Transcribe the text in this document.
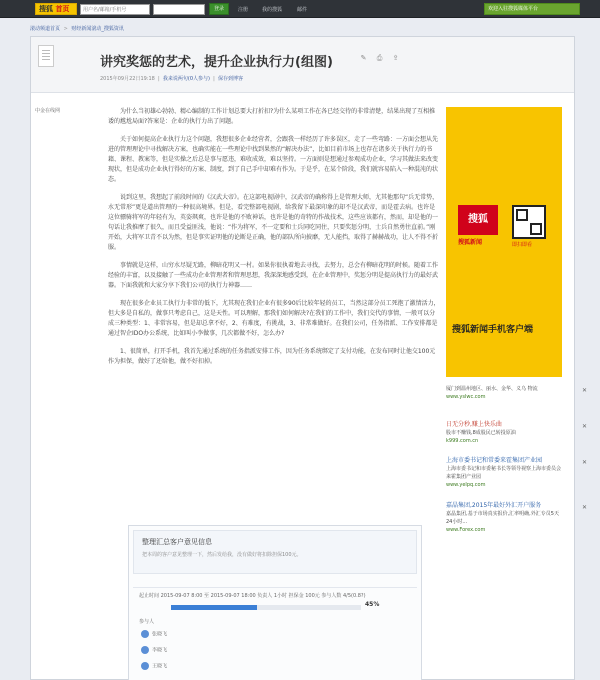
搜狐 首页
用户名/邮箱/手机号	登录	注册	我的搜狐	邮件	欢迎入驻搜狐媒体平台
滚动频道首页 > 财经新闻滚动_搜狐资讯
讲究奖惩的艺术，提升企业执行力(组图)	✎	⎙	⇪
2015年09月22日19:18  |  我来说两句(0人参与)  |  保存到博客
中金在线网	为什么当初雄心勃勃、精心编制的工作计划总要大打折扣?为什么某项工作在各已经交待的非常清楚，结果出现了互相推诿的尴尬局面?答案是：企业的执行力出了问题。

关于如何提高企业执行力这个问题，我想很多企业经营者，会跟我一样经历了许多误区，走了一些弯路：一方面会想从先进的管理理论中寻找解决方案，也确实能在一些理论中找到果然的“解决办法”，比如目前市场上也存在诸多关于执行力的书籍、课程、教案等，但是实操之后总是事与愿违，难收成效，难以坚持。一方面则是想通过参观成功企业，学习其做法来改变现状，但是成功企业执行得好的方案、制度，到了自己手中却难有作为。于是乎，在某个阶段，我们就容易陷入一种混沌的状态。

说到这里，我想起了前段时间的《汉武大帝》。在这部电视剧中，汉武帝的确称得上是管理大师，尤其他那句“兵无常势，水无常形”更是道出管理的一种很高境界。但是，看完整部电视剧，给我留下最深印象的却不是汉武帝，而是霍去病。也许是这位骠骑将军的年轻有为，英姿飒爽，也许是他的不败神话，也许是他的奇特的作战技术，这些应该都有，然而，却是他的一句话让我推摩了很久，而且受益匪浅，他说：“作为将军，不一定要和士兵同吃同住，只要奖惩分明，士兵自然勇往直前。”刚开始，大将军卫青不以为然，但是事实证明他的论断是正确，他的部队所向披靡，无人能挡，取得了赫赫战功，让人不得不折服。

事情就是这样，山穷水尽疑无路，柳暗花明又一村。如果你很执着地去寻找，去努力，总会有柳暗花明的时候。随着工作经验的丰富，以及接触了一些成功企业管理者和管理思想，我深深地感受到，在企业管理中，奖惩分明是提高执行力的最好武器。下面我就和大家分享下我们公司的执行力神器……

现在很多企业员工执行力非常的低下，尤其现在我们企业有很多90后比较年轻的员工，当然这部分员工死抱了激情活力，但大多是自私的，做事只考虑自己，这是天性。可以理解，那我们如何解决?在我们的工作中，我们交代的事情，一般可以分成三种类型：1、非常容易，但是却总拿不好，2、有难度，有挑战，3、非常难做好。在我们公司，任务指派、工作安排都是通过智企IDO办公系统，比如叫小李做事，几次都做不好，怎么办?

1、很简单，打开手机，我首先通过系统的任务指派安排工作，因为任务系统绑定了支付功能，在发布同时让他交100元作为担保，做好了还给他，做不好扣掉。

整理汇总客户意见信息
把本周的客户意见整理一下，然后发给我，没有做好将扣除担保100元。
起止时间 2015-09-07 8:00 至 2015-09-07 18:00 负责人 1小时 担保金 100元 参与人数 4/5(0.8?)
45%
参与人
张晓飞
李晓飞
王晓飞
搜狐
搜狐新闻	即扫即看
搜狐新闻手机客户端
厦门到温州地区、丽水、金华、义乌 物流
www.yslwc.com
✕
日无分秒,赚上快乐曲
股市不赚钱,8成股民已转投原油
k999.com.cn
✕
上海市委书记和常委来霍集团产业园
上海市委书记和市委秘书长等领导视察上海市委员会来霍集团产业园
www.yelpq.com
✕
嘉晶集团,2015年最好外汇开户服务
嘉晶集团,基于市场真实报价,汇率明确,外汇专员5天24小时...
www.Forex.com
✕
